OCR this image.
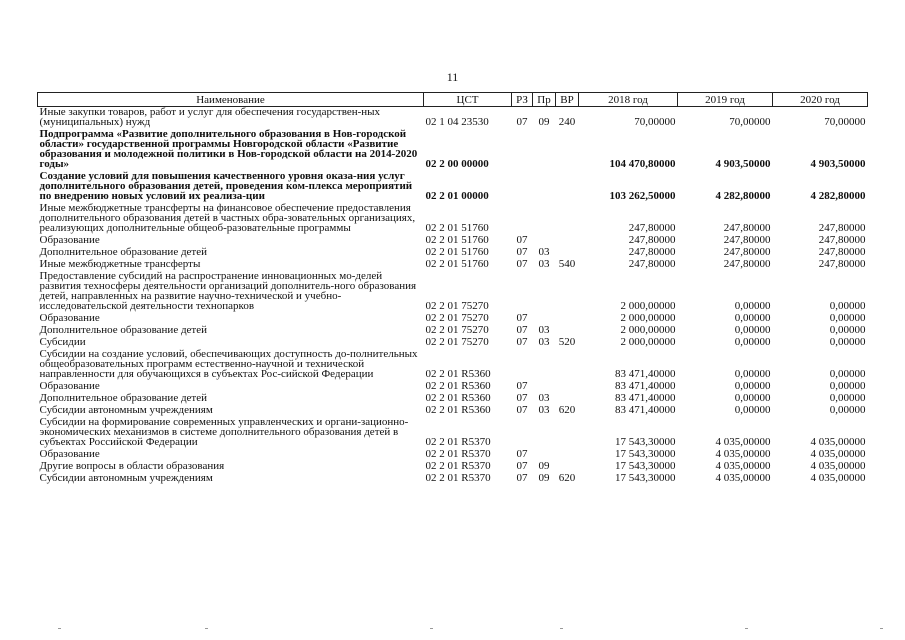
11
Наименование	ЦСТ	РЗ	Пр	ВР	2018 год	2019 год	2020 год
Иные закупки товаров, работ и услуг для обеспечения государствен-ных (муниципальных) нужд	02 1 04 23530	07	09	240	70,00000	70,00000	70,00000
Подпрограмма «Развитие дополнительного образования в Нов-городской области» государственной программы Новгородской области «Развитие образования и молодежной политики в Нов-городской области на 2014-2020 годы»	02 2 00 00000				104 470,80000	4 903,50000	4 903,50000
Создание условий для повышения качественного уровня оказа-ния услуг дополнительного образования детей, проведения ком-плекса мероприятий по внедрению новых условий их реализа-ции	02 2 01 00000				103 262,50000	4 282,80000	4 282,80000
Иные межбюджетные трансферты на финансовое обеспечение предоставления дополнительного образования детей в частных обра-зовательных организациях, реализующих дополнительные общеоб-разовательные программы	02 2 01 51760				247,80000	247,80000	247,80000
Образование	02 2 01 51760	07			247,80000	247,80000	247,80000
Дополнительное образование детей	02 2 01 51760	07	03		247,80000	247,80000	247,80000
Иные межбюджетные трансферты	02 2 01 51760	07	03	540	247,80000	247,80000	247,80000
Предоставление субсидий на распространение инновационных мо-делей развития техносферы деятельности организаций дополнитель-ного образования детей, направленных на развитие научно-технической и учебно-исследовательской деятельности технопарков	02 2 01 75270				2 000,00000	0,00000	0,00000
Образование	02 2 01 75270	07			2 000,00000	0,00000	0,00000
Дополнительное образование детей	02 2 01 75270	07	03		2 000,00000	0,00000	0,00000
Субсидии	02 2 01 75270	07	03	520	2 000,00000	0,00000	0,00000
Субсидии на создание условий, обеспечивающих доступность до-полнительных общеобразовательных программ естественно-научной и технической направленности для обучающихся в субъектах Рос-сийской Федерации	02 2 01 R5360				83 471,40000	0,00000	0,00000
Образование	02 2 01 R5360	07			83 471,40000	0,00000	0,00000
Дополнительное образование детей	02 2 01 R5360	07	03		83 471,40000	0,00000	0,00000
Субсидии автономным учреждениям	02 2 01 R5360	07	03	620	83 471,40000	0,00000	0,00000
Субсидии на формирование современных управленческих и органи-зационно-экономических механизмов в системе дополнительного образования детей в субъектах Российской Федерации	02 2 01 R5370				17 543,30000	4 035,00000	4 035,00000
Образование	02 2 01 R5370	07			17 543,30000	4 035,00000	4 035,00000
Другие вопросы в области образования	02 2 01 R5370	07	09		17 543,30000	4 035,00000	4 035,00000
Субсидии автономным учреждениям	02 2 01 R5370	07	09	620	17 543,30000	4 035,00000	4 035,00000
